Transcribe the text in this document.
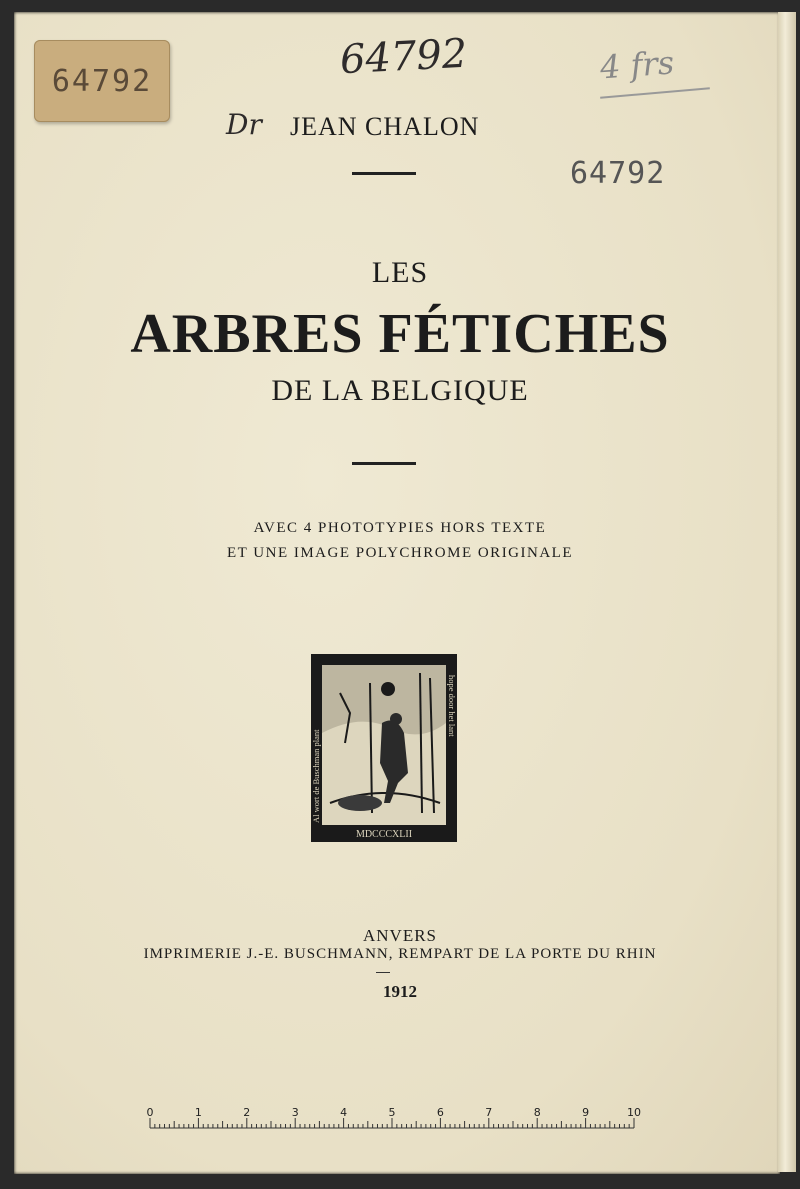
64792	64792	4 frs
Dr
64792
JEAN CHALON
LES
ARBRES FÉTICHES
DE LA BELGIQUE
AVEC 4 PHOTOTYPIES HORS TEXTE
ET UNE IMAGE POLYCHROME ORIGINALE
MDCCCXLII
Al wort de Buschman plant
hope door het lant
ANVERS
IMPRIMERIE J.-E. BUSCHMANN, REMPART DE LA PORTE DU RHIN
1912
0	1	2	3	4	5	6	7	8	9	10
